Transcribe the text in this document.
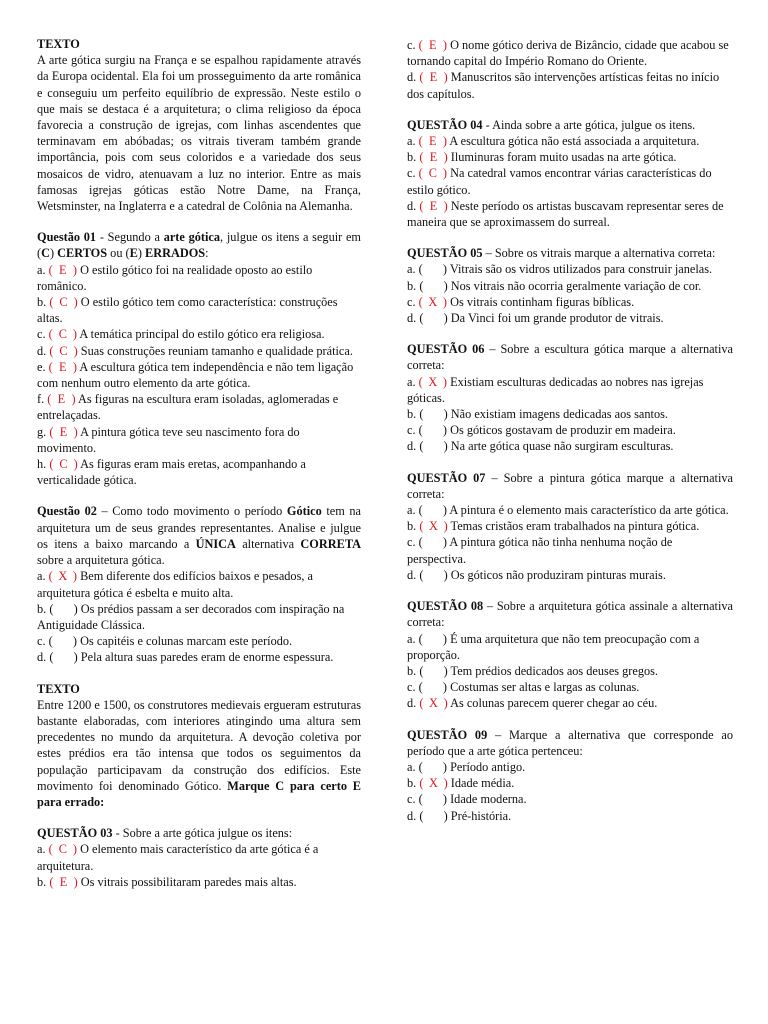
TEXTO
A arte gótica surgiu na França e se espalhou rapidamente através da Europa ocidental. Ela foi um prosseguimento da arte românica e conseguiu um perfeito equilíbrio de expressão. Neste estilo o que mais se destaca é a arquitetura; o clima religioso da época favorecia a construção de igrejas, com linhas ascendentes que terminavam em abóbadas; os vitrais tiveram também grande importância, pois com seus coloridos e a variedade dos seus mosaicos de vidro, atenuavam a luz no interior. Entre as mais famosas igrejas góticas estão Notre Dame, na França, Wetsminster, na Inglaterra e a catedral de Colônia na Alemanha.
Questão 01 - Segundo a arte gótica, julgue os itens a seguir em (C) CERTOS ou (E) ERRADOS:
a. ( E ) O estilo gótico foi na realidade oposto ao estilo românico.
b. ( C ) O estilo gótico tem como característica: construções altas.
c. ( C ) A temática principal do estilo gótico era religiosa.
d. ( C ) Suas construções reuniam tamanho e qualidade prática.
e. ( E ) A escultura gótica tem independência e não tem ligação com nenhum outro elemento da arte gótica.
f. ( E ) As figuras na escultura eram isoladas, aglomeradas e entrelaçadas.
g. ( E ) A pintura gótica teve seu nascimento fora do movimento.
h. ( C ) As figuras eram mais eretas, acompanhando a verticalidade gótica.
Questão 02 – Como todo movimento o período Gótico tem na arquitetura um de seus grandes representantes. Analise e julgue os itens a baixo marcando a ÚNICA alternativa CORRETA sobre a arquitetura gótica.
a. ( X ) Bem diferente dos edifícios baixos e pesados, a arquitetura gótica é esbelta e muito alta.
b. ( ) Os prédios passam a ser decorados com inspiração na Antiguidade Clássica.
c. ( ) Os capitéis e colunas marcam este período.
d. ( ) Pela altura suas paredes eram de enorme espessura.
TEXTO
Entre 1200 e 1500, os construtores medievais ergueram estruturas bastante elaboradas, com interiores atingindo uma altura sem precedentes no mundo da arquitetura. A devoção coletiva por estes prédios era tão intensa que todos os seguimentos da população participavam da construção dos edifícios. Este movimento foi denominado Gótico. Marque C para certo E para errado:
QUESTÃO 03 - Sobre a arte gótica julgue os itens:
a. ( C ) O elemento mais característico da arte gótica é a arquitetura.
b. ( E ) Os vitrais possibilitaram paredes mais altas.
c. ( E ) O nome gótico deriva de Bizâncio, cidade que acabou se tornando capital do Império Romano do Oriente.
d. ( E ) Manuscritos são intervenções artísticas feitas no início dos capítulos.
QUESTÃO 04 - Ainda sobre a arte gótica, julgue os itens.
a. ( E ) A escultura gótica não está associada a arquitetura.
b. ( E ) Iluminuras foram muito usadas na arte gótica.
c. ( C ) Na catedral vamos encontrar várias características do estilo gótico.
d. ( E ) Neste período os artistas buscavam representar seres de maneira que se aproximassem do surreal.
QUESTÃO 05 – Sobre os vitrais marque a alternativa correta:
a. ( ) Vitrais são os vidros utilizados para construir janelas.
b. ( ) Nos vitrais não ocorria geralmente variação de cor.
c. ( X ) Os vitrais continham figuras bíblicas.
d. ( ) Da Vinci foi um grande produtor de vitrais.
QUESTÃO 06 – Sobre a escultura gótica marque a alternativa correta:
a. ( X ) Existiam esculturas dedicadas ao nobres nas igrejas góticas.
b. ( ) Não existiam imagens dedicadas aos santos.
c. ( ) Os góticos gostavam de produzir em madeira.
d. ( ) Na arte gótica quase não surgiram esculturas.
QUESTÃO 07 – Sobre a pintura gótica marque a alternativa correta:
a. ( ) A pintura é o elemento mais característico da arte gótica.
b. ( X ) Temas cristãos eram trabalhados na pintura gótica.
c. ( ) A pintura gótica não tinha nenhuma noção de perspectiva.
d. ( ) Os góticos não produziram pinturas murais.
QUESTÃO 08 – Sobre a arquitetura gótica assinale a alternativa correta:
a. ( ) É uma arquitetura que não tem preocupação com a proporção.
b. ( ) Tem prédios dedicados aos deuses gregos.
c. ( ) Costumas ser altas e largas as colunas.
d. ( X ) As colunas parecem querer chegar ao céu.
QUESTÃO 09 – Marque a alternativa que corresponde ao período que a arte gótica pertenceu:
a. ( ) Período antigo.
b. ( X ) Idade média.
c. ( ) Idade moderna.
d. ( ) Pré-história.
